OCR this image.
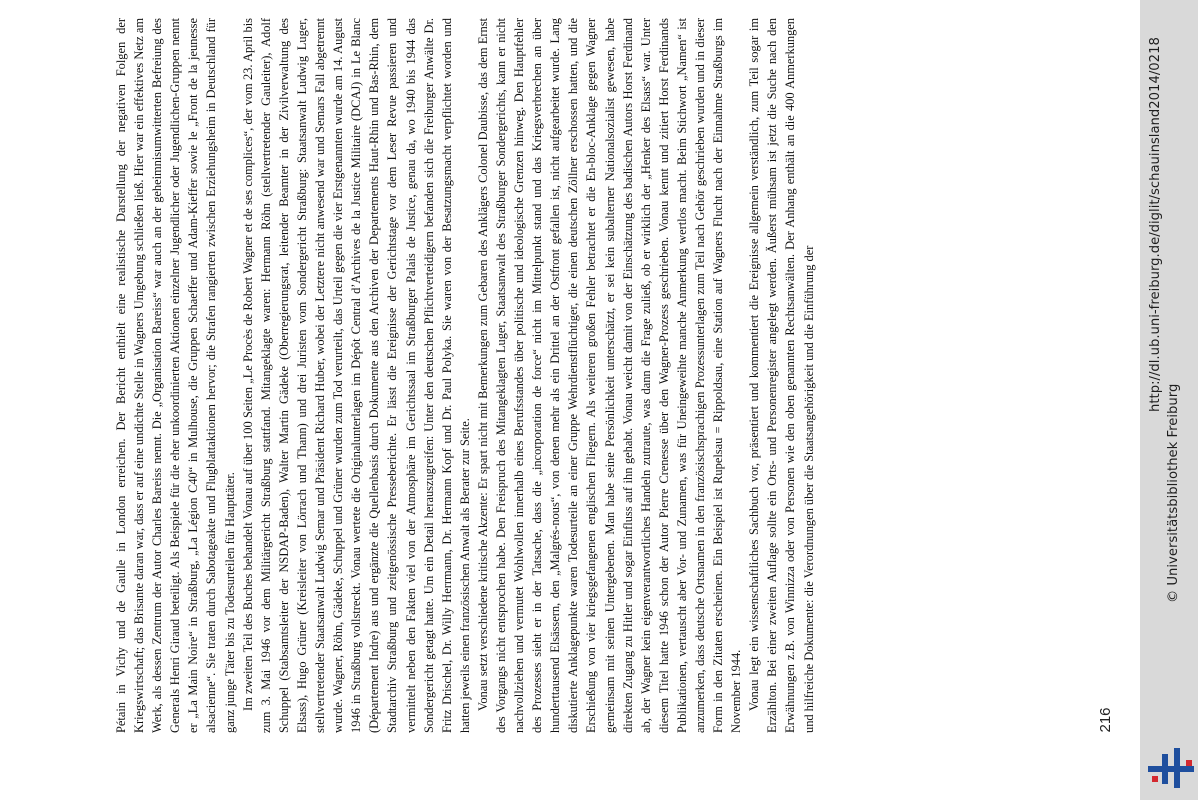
Pétain in Vichy und de Gaulle in London erreichen. Der Bericht enthielt eine realistische Darstellung der negativen Folgen der Kriegswirtschaft; das Brisante daran war, dass er auf eine undichte Stelle in Wagners Umgebung schließen ließ. Hier war ein effektives Netz am Werk, als dessen Zentrum der Autor Charles Bareiss nennt. Die „Organisation Bareiss“ war auch an der geheimnisumwitterten Befreiung des Generals Henri Giraud beteiligt. Als Beispiele für die eher unkoordinierten Aktionen einzelner Jugendlicher oder Jugendlichen-Gruppen nennt er „La Main Noire“ in Straßburg, „La Légion C40“ in Mulhouse, die Gruppen Schaeffer und Adam-Kieffer sowie le „Front de la jeunesse alsacienne“. Sie traten durch Sabotageakte und Flugblattaktionen hervor; die Strafen rangierten zwischen Erziehungsheim in Deutschland für ganz junge Täter bis zu Todesurteilen für Haupttäter. Im zweiten Teil des Buches behandelt Vonau auf über 100 Seiten „Le Procès de Robert Wagner et de ses complices“, der vom 23. April bis zum 3. Mai 1946 vor dem Militärgericht Straßburg stattfand. Mitangeklagte waren: Hermann Röhn (stellvertretender Gauleiter), Adolf Schuppel (Stabsamtsleiter der NSDAP-Baden), Walter Martin Gädeke (Oberregierungsrat, leitender Beamter in der Zivilverwaltung des Elsass), Hugo Grüner (Kreisleiter von Lörrach und Thann) und drei Juristen vom Sondergericht Straßburg: Staatsanwalt Ludwig Luger, stellvertretender Staatsanwalt Ludwig Semar und Präsident Richard Huber, wobei der Letztere nicht anwesend war und Semars Fall abgetrennt wurde. Wagner, Röhn, Gädeke, Schuppel und Grüner wurden zum Tod verurteilt, das Urteil gegen die vier Erstgenannten wurde am 14. August 1946 in Straßburg vollstreckt. Vonau wertete die Originalunterlagen im Dépôt Central d’Archives de la Justice Militaire (DCAJ) in Le Blanc (Département Indre) aus und ergänzte die Quellenbasis durch Dokumente aus den Archiven der Departements Haut-Rhin und Bas-Rhin, dem Stadtarchiv Straßburg und zeitgenössische Presseberichte. Er lässt die Ereignisse der Gerichtstage vor dem Leser Revue passieren und vermittelt neben den Fakten viel von der Atmosphäre im Gerichtssaal im Straßburger Palais de Justice, genau da, wo 1940 bis 1944 das Sondergericht getagt hatte. Um ein Detail herauszugreifen: Unter den deutschen Pflichtverteidigern befanden sich die Freiburger Anwälte Dr. Fritz Drischel, Dr. Willy Herrmann, Dr. Hermann Kopf und Dr. Paul Polyka. Sie waren von der Besatzungsmacht verpflichtet worden und hatten jeweils einen französischen Anwalt als Berater zur Seite. Vonau setzt verschiedene kritische Akzente: Er spart nicht mit Bemerkungen zum Gebaren des Anklägers Colonel Daubisse, das dem Ernst des Vorgangs nicht entsprochen habe. Den Freispruch des Mitangeklagten Luger, Staatsanwalt des Straßburger Sondergerichts, kann er nicht nachvollziehen und vermutet Wohlwollen innerhalb eines Berufsstandes über politische und ideologische Grenzen hinweg. Den Hauptfehler des Prozesses sieht er in der Tatsache, dass die „incorporation de force“ nicht im Mittelpunkt stand und das Kriegsverbrechen an über hunderttausend Elsässern, den „Malgrés-nous“, von denen mehr als ein Drittel an der Ostfront gefallen ist, nicht aufgearbeitet wurde. Lang diskutierte Anklagepunkte waren Todesurteile an einer Gruppe Wehrdienstflüchtiger, die einen deutschen Zöllner erschossen hatten, und die Erschießung von vier kriegsgefangenen englischen Fliegern. Als weiteren großen Fehler betrachtet er die En-bloc-Anklage gegen Wagner gemeinsam mit seinen Untergebenen. Man habe seine Persönlichkeit unterschätzt, er sei kein subalterner Nationalsozialist gewesen, habe direkten Zugang zu Hitler und sogar Einfluss auf ihn gehabt. Vonau weicht damit von der Einschätzung des badischen Autors Horst Ferdinand ab, der Wagner kein eigenverantwortliches Handeln zutraute, was dann die Frage zuließ, ob er wirklich der „Henker des Elsass“ war. Unter diesem Titel hatte 1946 schon der Autor Pierre Crenesse über den Wagner-Prozess geschrieben. Vonau kennt und zitiert Horst Ferdinands Publikationen, vertauscht aber Vor- und Zunamen, was für Uneingeweihte manche Anmerkung wertlos macht. Beim Stichwort „Namen“ ist anzumerken, dass deutsche Ortsnamen in den französischsprachigen Prozessunterlagen zum Teil nach Gehör geschrieben wurden und in dieser Form in den Zitaten erscheinen. Ein Beispiel ist Rupelsau = Rippoldsau, eine Station auf Wagners Flucht nach der Einnahme Straßburgs im November 1944. Vonau legt ein wissenschaftliches Sachbuch vor, präsentiert und kommentiert die Ereignisse allgemein verständlich, zum Teil sogar im Erzählton. Bei einer zweiten Auflage sollte ein Orts- und Personenregister angelegt werden. Äußerst mühsam ist jetzt die Suche nach den Erwähnungen z.B. von Winnizza oder von Personen wie den oben genannten Rechtsanwälten. Der Anhang enthält an die 400 Anmerkungen und hilfreiche Dokumente: die Verordnungen über die Staatsangehörigkeit und die Einführung der	216
http://dl.ub.uni-freiburg.de/diglit/schauinsland2014/0218
© Universitätsbibliothek Freiburg
